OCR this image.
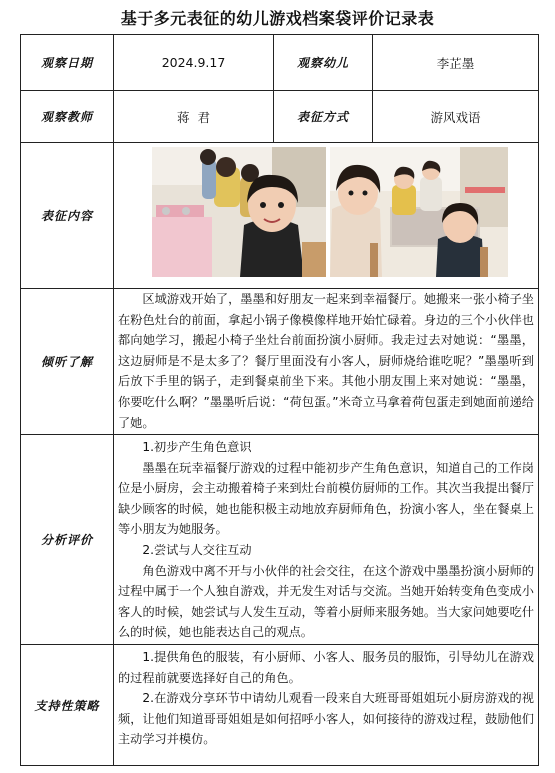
基于多元表征的幼儿游戏档案袋评价记录表
观察日期	2024.9.17	观察幼儿	李芷墨
观察教师	蒋  君	表征方式	游风戏语
表征内容	

倾听了解	区域游戏开始了，墨墨和好朋友一起来到幸福餐厅。她搬来一张小椅子坐在粉色灶台的前面，拿起小锅子像模像样地开始忙碌着。身边的三个小伙伴也都向她学习，搬起小椅子坐灶台前面扮演小厨师。我走过去对她说：“墨墨，这边厨师是不是太多了？餐厅里面没有小客人，厨师烧给谁吃呢？”墨墨听到后放下手里的锅子，走到餐桌前坐下来。其他小朋友围上来对她说：“墨墨，你要吃什么啊？”墨墨听后说：“荷包蛋。”米奇立马拿着荷包蛋走到她面前递给了她。		

分析评价	1.初步产生角色意识

墨墨在玩幸福餐厅游戏的过程中能初步产生角色意识，知道自己的工作岗位是小厨房，会主动搬着椅子来到灶台前模仿厨师的工作。其次当我提出餐厅缺少顾客的时候，她也能积极主动地放弃厨师角色，扮演小客人，坐在餐桌上等小朋友为她服务。

2.尝试与人交往互动

角色游戏中离不开与小伙伴的社会交往，在这个游戏中墨墨扮演小厨师的过程中属于一个人独自游戏，并无发生对话与交流。当她开始转变角色变成小客人的时候，她尝试与人发生互动，等着小厨师来服务她。当大家问她要吃什么的时候，她也能表达自己的观点。		

支持性策略	1.提供角色的服装，有小厨师、小客人、服务员的服饰，引导幼儿在游戏的过程前就要选择好自己的角色。

2.在游戏分享环节中请幼儿观看一段来自大班哥哥姐姐玩小厨房游戏的视频，让他们知道哥哥姐姐是如何招呼小客人，如何接待的游戏过程，鼓励他们主动学习并模仿。		
